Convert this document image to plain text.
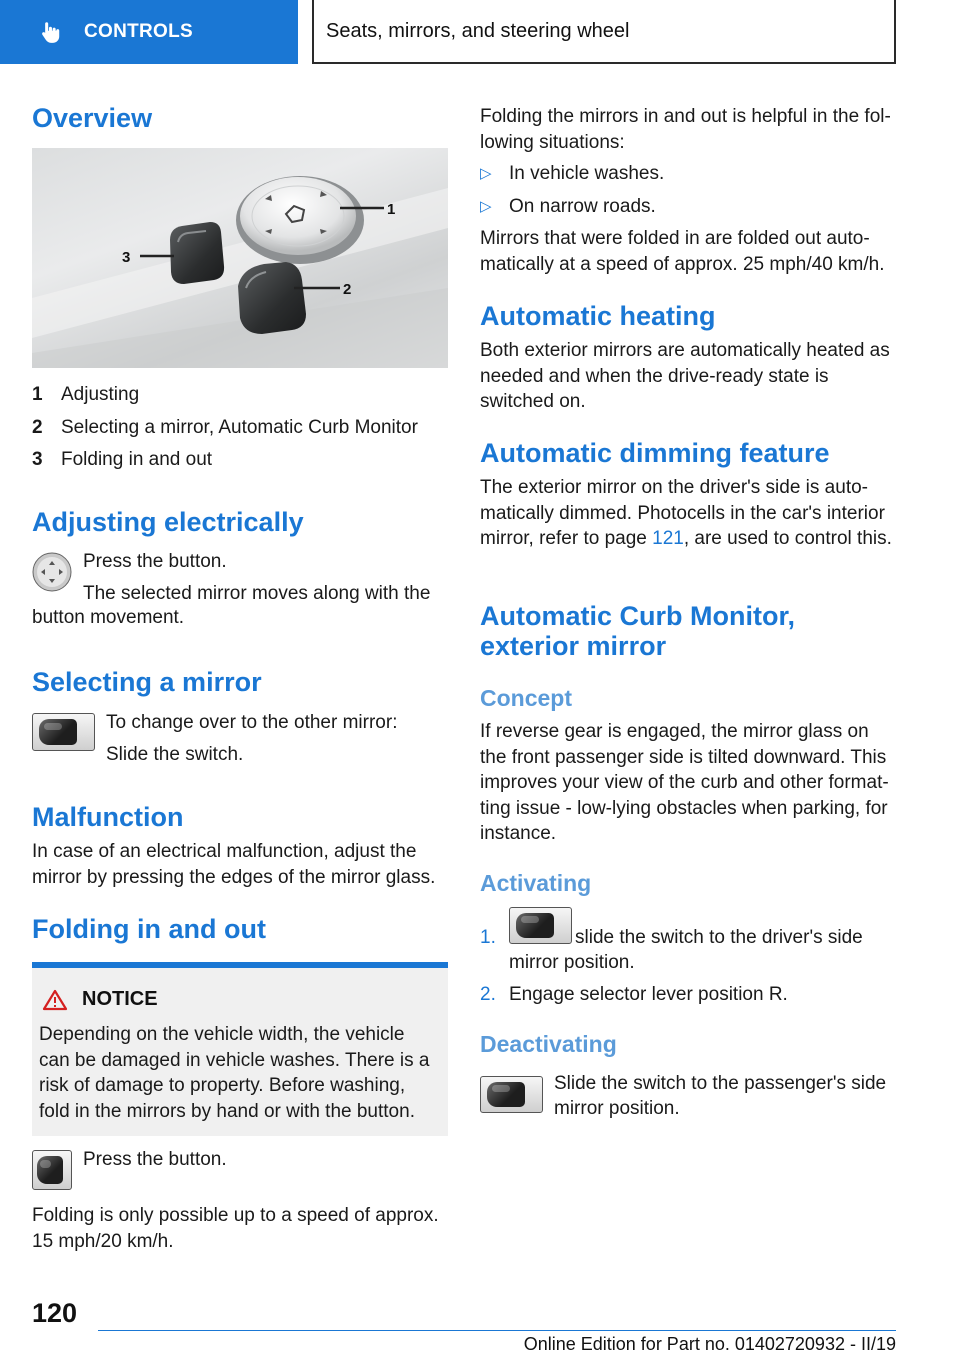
CONTROLS	Seats, mirrors, and steering wheel
Overview
1
2
3
1 Adjusting
2 Selecting a mirror, Automatic Curb Monitor
3 Folding in and out
Adjusting electrically
Press the button.
The selected mirror moves along with the
button movement.
Selecting a mirror
To change over to the other mirror:
Slide the switch.
Malfunction
In case of an electrical malfunction, adjust the mirror by pressing the edges of the mirror glass.
Folding in and out
NOTICE
Depending on the vehicle width, the vehicle can be damaged in vehicle washes. There is a risk of damage to property. Before washing, fold in the mirrors by hand or with the button.
Press the button.
Folding is only possible up to a speed of approx. 15 mph/20 km/h.
Folding the mirrors in and out is helpful in the fol‐ lowing situations:
▷ In vehicle washes.
▷ On narrow roads.
Mirrors that were folded in are folded out auto‐ matically at a speed of approx. 25 mph/40 km/h.
Automatic heating
Both exterior mirrors are automatically heated as needed and when the drive-ready state is switched on.
Automatic dimming feature
The exterior mirror on the driver's side is auto‐ matically dimmed. Photocells in the car's interior mirror, refer to page 121, are used to control this.
Automatic Curb Monitor, exterior mirror
Concept
If reverse gear is engaged, the mirror glass on the front passenger side is tilted downward. This improves your view of the curb and other format‐ ting issue - low-lying obstacles when parking, for instance.
Activating
1.	slide the switch to the driver's side
mirror position.
2. Engage selector lever position R.
Deactivating
Slide the switch to the passenger's side
mirror position.
120
Online Edition for Part no. 01402720932 - II/19
